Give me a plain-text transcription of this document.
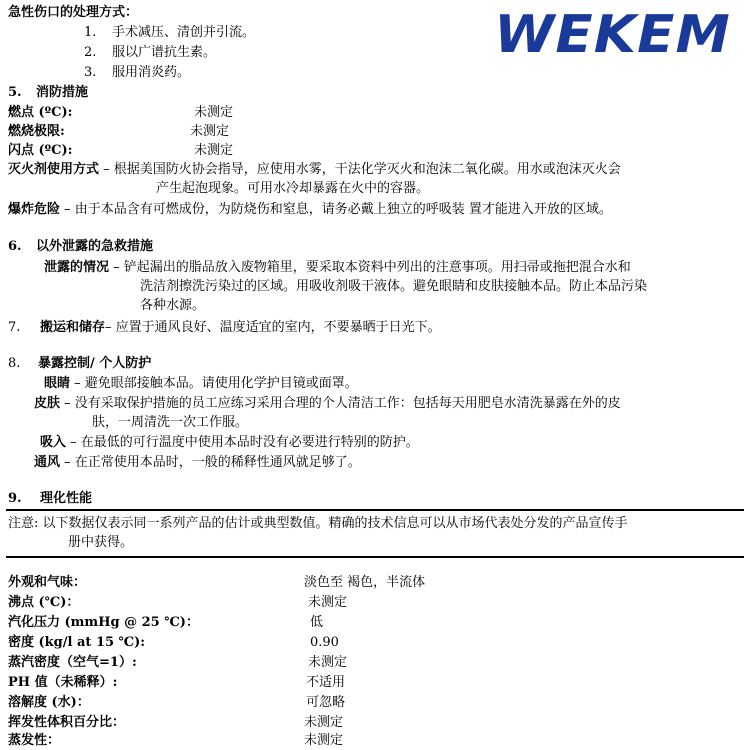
WEKEM
急性伤口的处理方式：
1. 手术减压、清创并引流。
2. 服以广谱抗生素。
3. 服用消炎药。
5. 消防措施
燃点 (ºC):	未测定
燃烧极限:	未测定
闪点 (ºC):	未测定
灭火剂使用方式 – 根据美国防火协会指导，应使用水雾，干法化学灭火和泡沫二氧化碳。用水或泡沫灭火会
产生起泡现象。可用水冷却暴露在火中的容器。
爆炸危险 – 由于本品含有可燃成份，为防烧伤和窒息，请务必戴上独立的呼吸装 置才能进入开放的区域。
6. 以外泄露的急救措施
泄露的情况 – 铲起漏出的脂品放入废物箱里，要采取本资料中列出的注意事项。用扫帚或拖把混合水和
洗洁剂擦洗污染过的区域。用吸收剂吸干液体。避免眼睛和皮肤接触本品。防止本品污染
各种水源。
7. 搬运和储存– 应置于通风良好、温度适宜的室内，不要暴晒于日光下。
8. 暴露控制/ 个人防护
眼睛 – 避免眼部接触本品。请使用化学护目镜或面罩。
皮肤 – 没有采取保护措施的员工应练习采用合理的个人清洁工作：包括每天用肥皂水清洗暴露在外的皮
肤，一周清洗一次工作服。
吸入 – 在最低的可行温度中使用本品时没有必要进行特别的防护。
通风 – 在正常使用本品时，一般的稀释性通风就足够了。
9. 理化性能
注意: 以下数据仅表示同一系列产品的估计或典型数值。精确的技术信息可以从市场代表处分发的产品宣传手
册中获得。
外观和气味：	淡色至 褐色，半流体
沸点 (℃)：	未测定
汽化压力 (mmHg @ 25 ℃)：	低
密度 (kg/l at 15 ℃):	0.90
蒸汽密度（空气=1）:	未测定
PH 值（未稀释）:	不适用
溶解度 (水)：	可忽略
挥发性体积百分比：	未测定
蒸发性：	未测定
